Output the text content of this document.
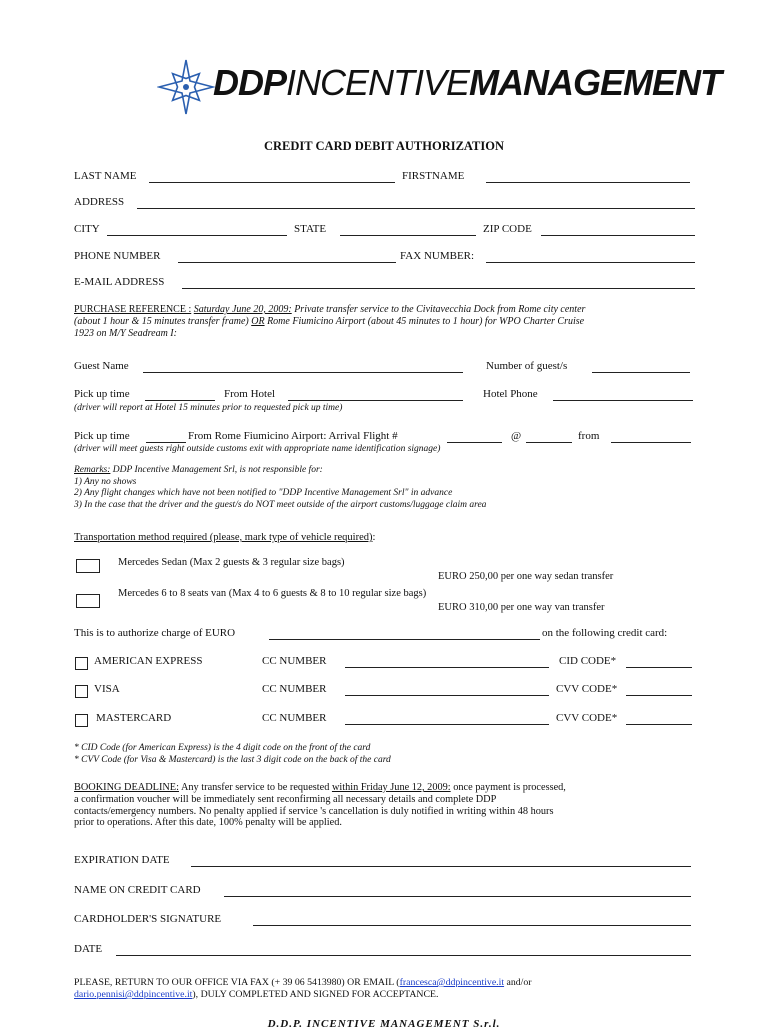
DDPINCENTIVEMANAGEMENT
CREDIT CARD DEBIT AUTHORIZATION
LAST NAME	FIRSTNAME
ADDRESS
CITY	STATE	ZIP CODE
PHONE NUMBER	FAX NUMBER:
E-MAIL ADDRESS
PURCHASE REFERENCE : Saturday June 20, 2009: Private transfer service to the Civitavecchia Dock from Rome city center
(about 1 hour & 15 minutes transfer frame) OR Rome Fiumicino Airport (about 45 minutes to 1 hour) for WPO Charter Cruise
1923 on M/Y Seadream I:
Guest Name	Number of guest/s
Pick up time	From Hotel	Hotel Phone
(driver will report at Hotel 15 minutes prior to requested pick up time)
Pick up time	From Rome Fiumicino Airport: Arrival Flight #	@	from
(driver will meet guests right outside customs exit with appropriate name identification signage)
Remarks: DDP Incentive Management Srl, is not responsible for:
1) Any no shows
2) Any flight changes which have not been notified to "DDP Incentive Management Srl" in advance
3) In the case that the driver and the guest/s do NOT meet outside of the airport customs/luggage claim area
Transportation method required (please, mark type of vehicle required):
Mercedes Sedan (Max 2 guests & 3 regular size bags)
EURO 250,00 per one way sedan transfer
Mercedes 6 to 8 seats van (Max 4 to 6 guests & 8 to 10 regular size bags)
EURO 310,00 per one way van transfer
This is to authorize charge of EURO	on the following credit card:
AMERICAN EXPRESS	CC NUMBER	CID CODE*
VISA	CC NUMBER	CVV CODE*
MASTERCARD	CC NUMBER	CVV CODE*
* CID Code (for American Express) is the 4 digit code on the front of the card
* CVV Code (for Visa & Mastercard) is the last 3 digit code on the back of the card
BOOKING DEADLINE: Any transfer service to be requested within Friday June 12, 2009: once payment is processed,
a confirmation voucher will be immediately sent reconfirming all necessary details and complete DDP
contacts/emergency numbers. No penalty applied if service 's cancellation is duly notified in writing within 48 hours
prior to operations. After this date, 100% penalty will be applied.
EXPIRATION DATE
NAME ON CREDIT CARD
CARDHOLDER'S SIGNATURE
DATE
PLEASE, RETURN TO OUR OFFICE VIA FAX (+ 39 06 5413980) OR EMAIL (francesca@ddpincentive.it and/or
dario.pennisi@ddpincentive.it), DULY COMPLETED AND SIGNED FOR ACCEPTANCE.
D.D.P. INCENTIVE MANAGEMENT S.r.l.
